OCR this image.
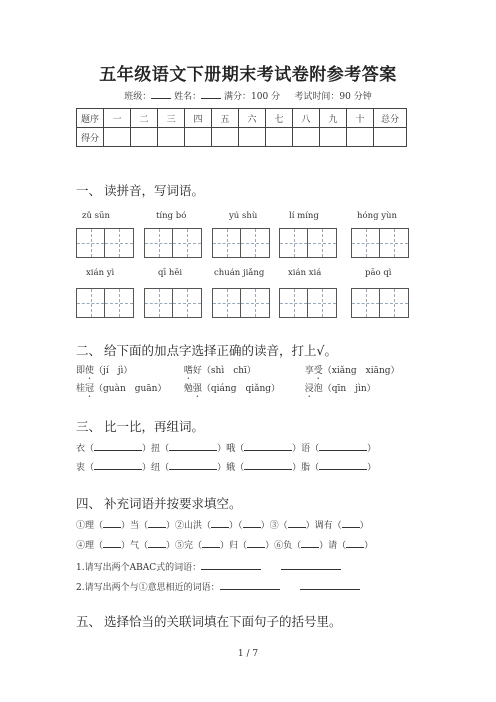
五年级语文下册期末考试卷附参考答案
班级：	姓名：	满分：100 分 考试时间：90 分钟
题序	一	二	三	四	五	六	七	八	九	十	总分
得分											
一、 读拼音，写词语。
zǔ sūn	tíng bó	yú shù	lí míng	hóng yùn
xián yì	qī hēi	chuán jiǎng	xián xiá	pāo qì
二、 给下面的加点字选择正确的读音，打上√。
即使（jí　jì）	嗜好（shì　chī）	享受（xiǎng　xiāng）
桂冠（guàn　guān） 勉强（qiáng　qiǎng）	浸泡（qīn　jìn）
三、 比一比，再组词。
衣（	）扭（	）哦（	）语（	）
衷（	）纽（	）娥（	）脂（	）
四、 补充词语并按要求填空。
①理（ ）当（ ）②山洪（ ）（ ）③（ ）调有（ ）
④理（ ）气（ ）⑤完（ ）归（ ）⑥负（ ）请（ ）
1.请写出两个ABAC式的词语：
2.请写出两个与①意思相近的词语：
五、 选择恰当的关联词填在下面句子的括号里。
1 / 7
